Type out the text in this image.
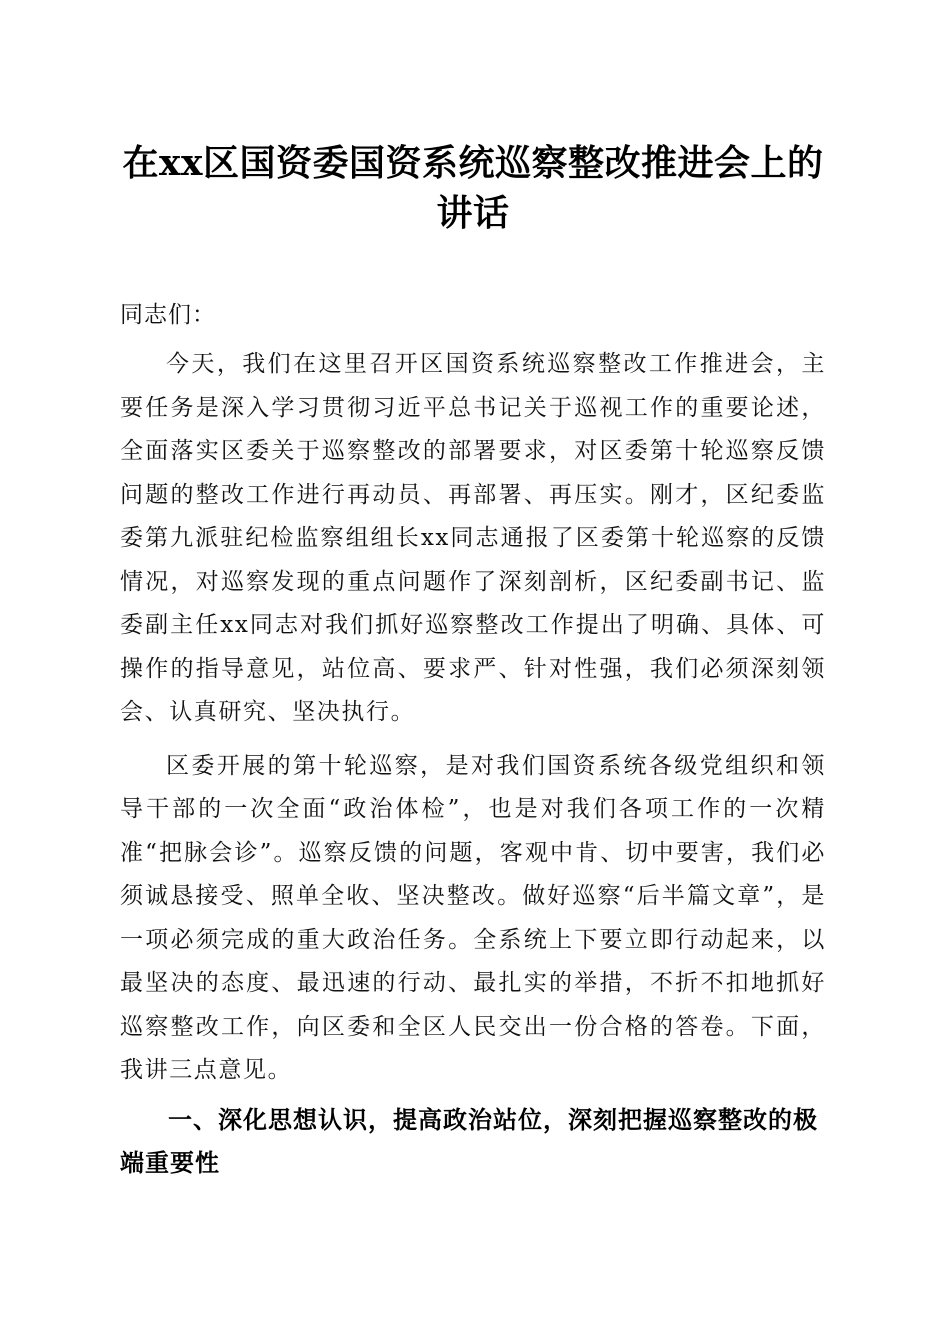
在xx区国资委国资系统巡察整改推进会上的
讲话

同志们：

今天，我们在这里召开区国资系统巡察整改工作推进会，主要任务是深入学习贯彻习近平总书记关于巡视工作的重要论述，全面落实区委关于巡察整改的部署要求，对区委第十轮巡察反馈问题的整改工作进行再动员、再部署、再压实。刚才，区纪委监委第九派驻纪检监察组组长xx同志通报了区委第十轮巡察的反馈情况，对巡察发现的重点问题作了深刻剖析，区纪委副书记、监委副主任xx同志对我们抓好巡察整改工作提出了明确、具体、可操作的指导意见，站位高、要求严、针对性强，我们必须深刻领会、认真研究、坚决执行。

区委开展的第十轮巡察，是对我们国资系统各级党组织和领导干部的一次全面“政治体检”，也是对我们各项工作的一次精准“把脉会诊”。巡察反馈的问题，客观中肯、切中要害，我们必须诚恳接受、照单全收、坚决整改。做好巡察“后半篇文章”，是一项必须完成的重大政治任务。全系统上下要立即行动起来，以最坚决的态度、最迅速的行动、最扎实的举措，不折不扣地抓好巡察整改工作，向区委和全区人民交出一份合格的答卷。下面，我讲三点意见。

一、深化思想认识，提高政治站位，深刻把握巡察整改的极端重要性
